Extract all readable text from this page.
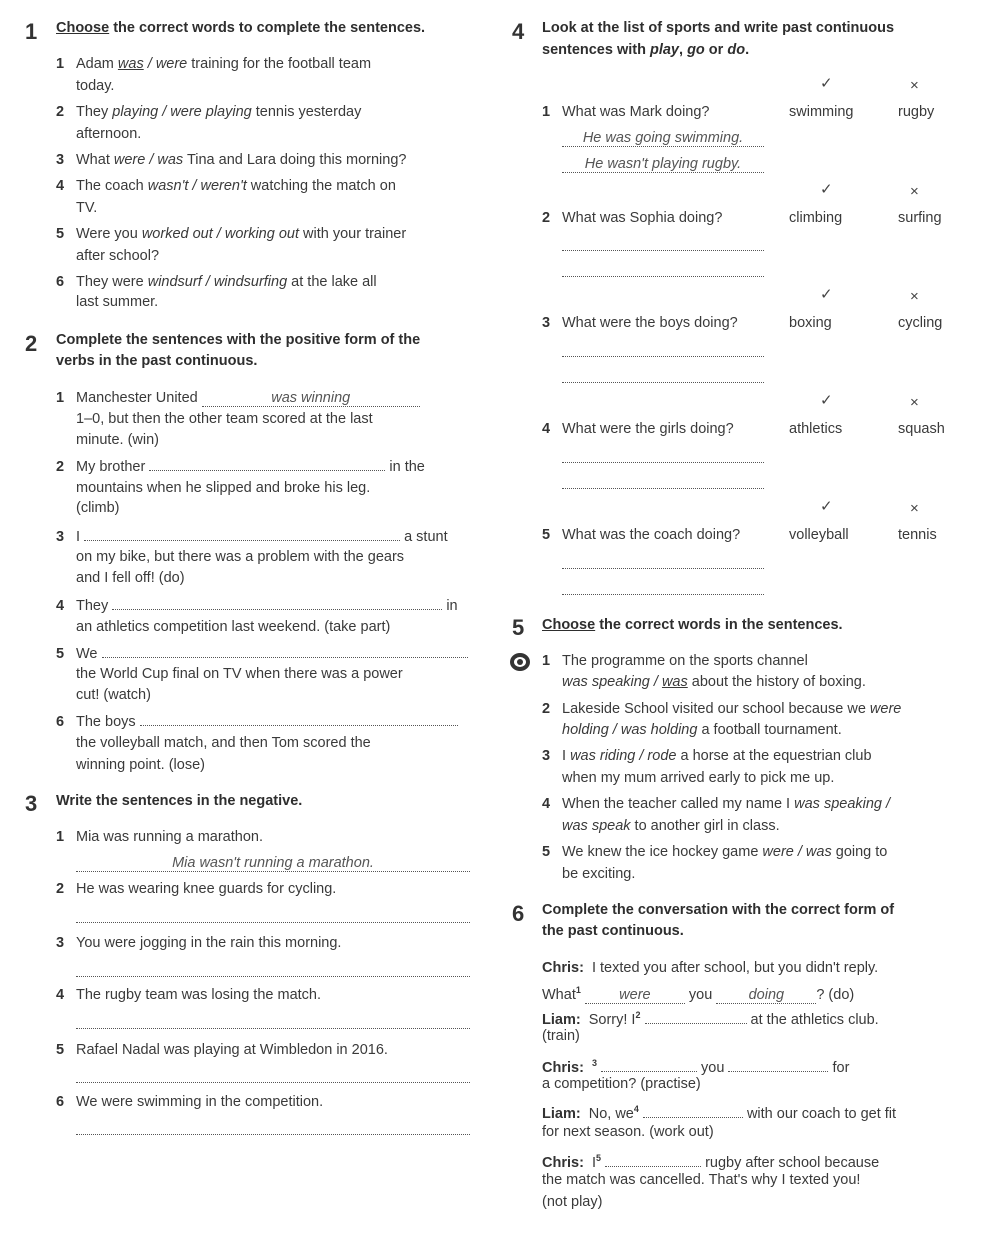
1 Choose the correct words to complete the sentences.
1 Adam was / were training for the football team
today.
2 They playing / were playing tennis yesterday
afternoon.
3 What were / was Tina and Lara doing this morning?
4 The coach wasn't / weren't watching the match on
TV.
5 Were you worked out / working out with your trainer
after school?
6 They were windsurf / windsurfing at the lake all
last summer.
2 Complete the sentences with the positive form of the
verbs in the past continuous.
1 Manchester United	was winning
1–0, but then the other team scored at the last
minute. (win)
2 My brother	in the
mountains when he slipped and broke his leg.
(climb)
3 I	a stunt
on my bike, but there was a problem with the gears
and I fell off! (do)
4 They	in
an athletics competition last weekend. (take part)
5 We
the World Cup final on TV when there was a power
cut! (watch)
6 The boys
the volleyball match, and then Tom scored the
winning point. (lose)
3 Write the sentences in the negative.
1 Mia was running a marathon.
Mia wasn't running a marathon.
2 He was wearing knee guards for cycling.
3 You were jogging in the rain this morning.
4 The rugby team was losing the match.
5 Rafael Nadal was playing at Wimbledon in 2016.
6 We were swimming in the competition.
4 Look at the list of sports and write past continuous
sentences with play, go or do.
✓	×
1 What was Mark doing?	swimming	rugby
He was going swimming.
He wasn't playing rugby.
✓	×
2 What was Sophia doing?	climbing	surfing
✓	×
3 What were the boys doing?	boxing	cycling
✓	×
4 What were the girls doing?	athletics	squash
✓	×
5 What was the coach doing?	volleyball	tennis
5 Choose the correct words in the sentences.
1 The programme on the sports channel
was speaking / was about the history of boxing.
2 Lakeside School visited our school because we were
holding / was holding a football tournament.
3 I was riding / rode a horse at the equestrian club
when my mum arrived early to pick me up.
4 When the teacher called my name I was speaking /
was speak to another girl in class.
5 We knew the ice hockey game were / was going to
be exciting.
6 Complete the conversation with the correct form of
the past continuous.
Chris: I texted you after school, but you didn't reply.
What$^1$	were	you	doing ? (do)
Liam: Sorry! $I^2$	at the athletics club.
(train)
Chris: $^3$	you	for
a competition? (practise)
Liam: No, $we^4$	with our coach to get fit
for next season. (work out)
Chris: $I^5$	rugby after school because
the match was cancelled. That's why I texted you!
(not play)
